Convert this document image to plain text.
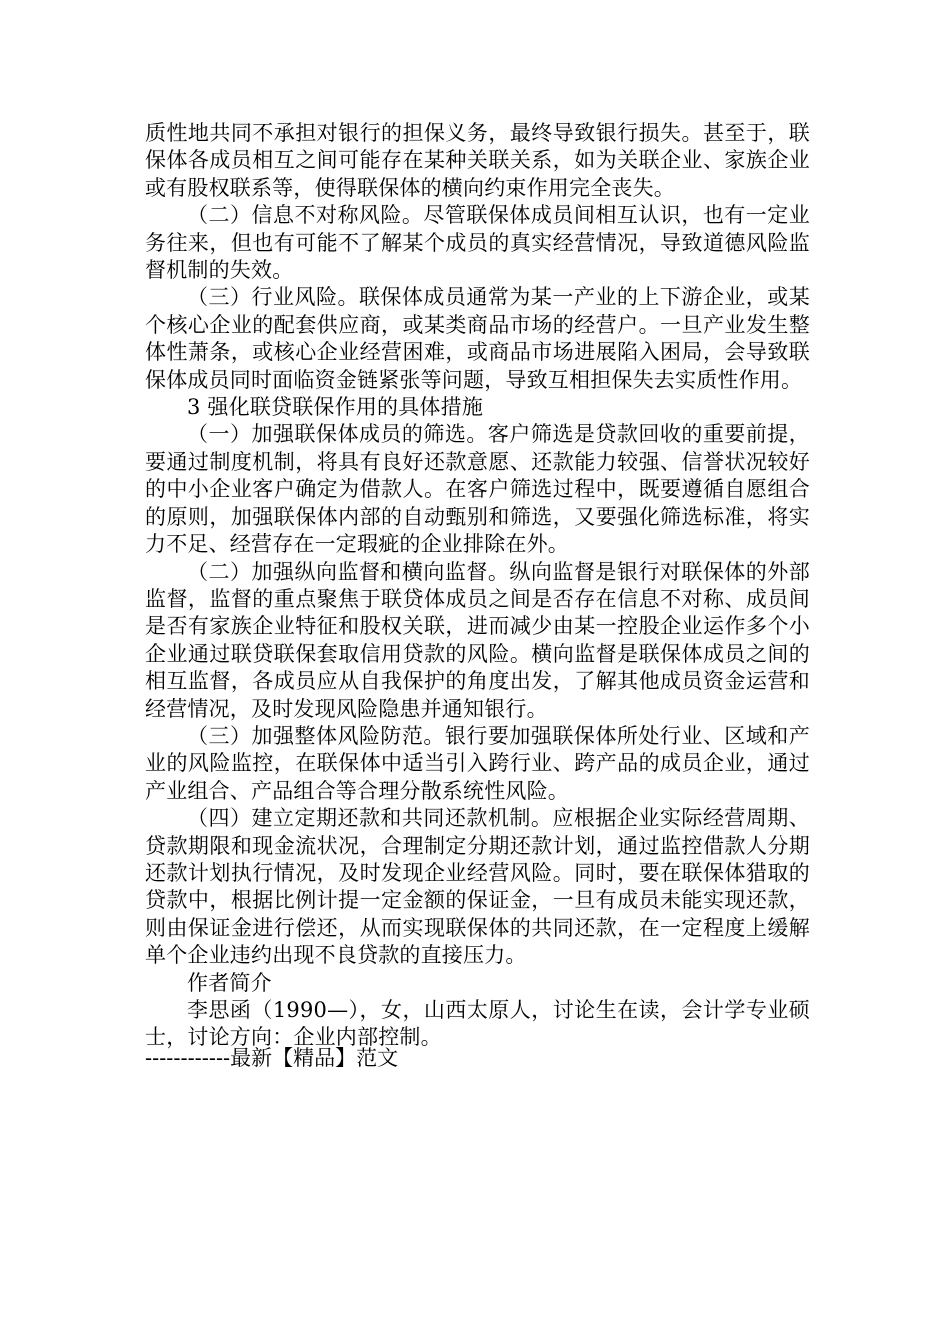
质性地共同不承担对银行的担保义务，最终导致银行损失。甚至于，联保体各成员相互之间可能存在某种关联关系，如为关联企业、家族企业或有股权联系等，使得联保体的横向约束作用完全丧失。

（二）信息不对称风险。尽管联保体成员间相互认识，也有一定业务往来，但也有可能不了解某个成员的真实经营情况，导致道德风险监督机制的失效。

（三）行业风险。联保体成员通常为某一产业的上下游企业，或某个核心企业的配套供应商，或某类商品市场的经营户。一旦产业发生整体性萧条，或核心企业经营困难，或商品市场进展陷入困局，会导致联保体成员同时面临资金链紧张等问题，导致互相担保失去实质性作用。

3 强化联贷联保作用的具体措施

（一）加强联保体成员的筛选。客户筛选是贷款回收的重要前提，要通过制度机制，将具有良好还款意愿、还款能力较强、信誉状况较好的中小企业客户确定为借款人。在客户筛选过程中，既要遵循自愿组合的原则，加强联保体内部的自动甄别和筛选，又要强化筛选标准，将实力不足、经营存在一定瑕疵的企业排除在外。

（二）加强纵向监督和横向监督。纵向监督是银行对联保体的外部监督，监督的重点聚焦于联贷体成员之间是否存在信息不对称、成员间是否有家族企业特征和股权关联，进而减少由某一控股企业运作多个小企业通过联贷联保套取信用贷款的风险。横向监督是联保体成员之间的相互监督，各成员应从自我保护的角度出发，了解其他成员资金运营和经营情况，及时发现风险隐患并通知银行。

（三）加强整体风险防范。银行要加强联保体所处行业、区域和产业的风险监控，在联保体中适当引入跨行业、跨产品的成员企业，通过产业组合、产品组合等合理分散系统性风险。

（四）建立定期还款和共同还款机制。应根据企业实际经营周期、贷款期限和现金流状况，合理制定分期还款计划，通过监控借款人分期还款计划执行情况，及时发现企业经营风险。同时，要在联保体猎取的贷款中，根据比例计提一定金额的保证金，一旦有成员未能实现还款，则由保证金进行偿还，从而实现联保体的共同还款，在一定程度上缓解单个企业违约出现不良贷款的直接压力。

作者简介

李思函（1990—），女，山西太原人，讨论生在读，会计学专业硕士，讨论方向：企业内部控制。

------------最新【精品】范文
